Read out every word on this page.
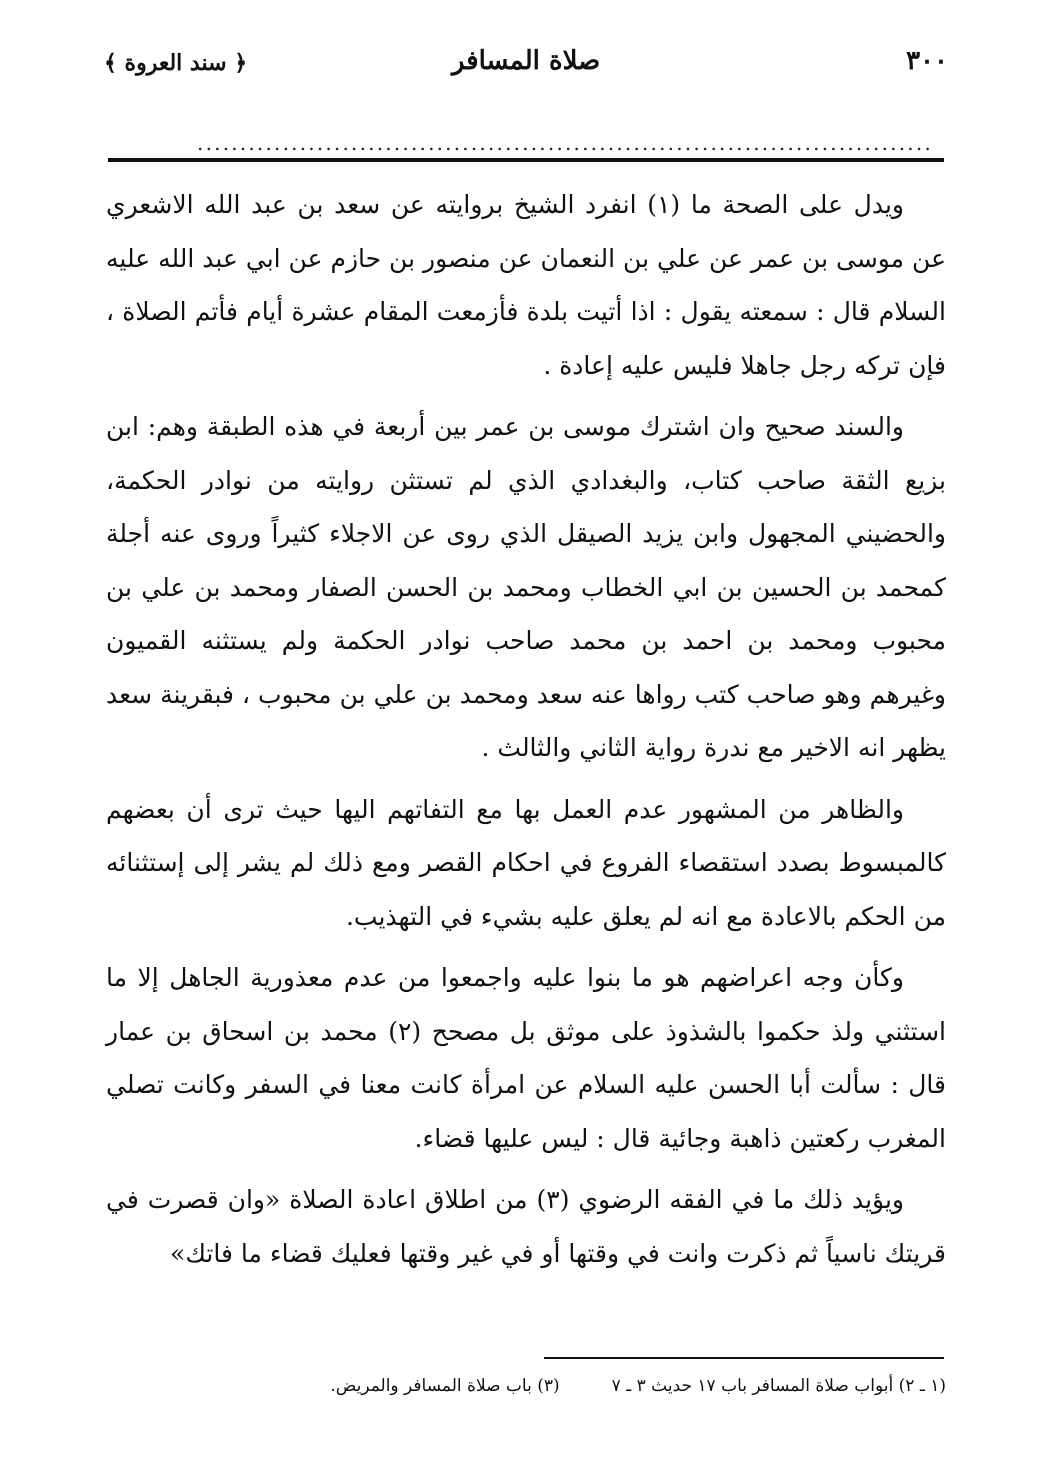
٣٠٠
صلاة المسافر
﴿ سند العروة ﴾
......................................................................................

ويدل على الصحة ما (١) انفرد الشيخ بروايته عن سعد بن عبد الله الاشعري عن موسى بن عمر عن علي بن النعمان عن منصور بن حازم عن ابي عبد الله عليه السلام قال : سمعته يقول : اذا أتيت بلدة فأزمعت المقام عشرة أيام فأتم الصلاة ، فإن تركه رجل جاهلا فليس عليه إعادة .

والسند صحيح وان اشترك موسى بن عمر بين أربعة في هذه الطبقة وهم: ابن بزيع الثقة صاحب كتاب، والبغدادي الذي لم تستثن روايته من نوادر الحكمة، والحضيني المجهول وابن يزيد الصيقل الذي روى عن الاجلاء كثيراً وروى عنه أجلة كمحمد بن الحسين بن ابي الخطاب ومحمد بن الحسن الصفار ومحمد بن علي بن محبوب ومحمد بن احمد بن محمد صاحب نوادر الحكمة ولم يستثنه القميون وغيرهم وهو صاحب كتب رواها عنه سعد ومحمد بن علي بن محبوب ، فبقرينة سعد يظهر انه الاخير مع ندرة رواية الثاني والثالث .

والظاهر من المشهور عدم العمل بها مع التفاتهم اليها حيث ترى أن بعضهم كالمبسوط بصدد استقصاء الفروع في احكام القصر ومع ذلك لم يشر إلى إستثنائه من الحكم بالاعادة مع انه لم يعلق عليه بشيء في التهذيب.

وكأن وجه اعراضهم هو ما بنوا عليه واجمعوا من عدم معذورية الجاهل إلا ما استثني ولذ حكموا بالشذوذ على موثق بل مصحح (٢) محمد بن اسحاق بن عمار قال : سألت أبا الحسن عليه السلام عن امرأة كانت معنا في السفر وكانت تصلي المغرب ركعتين ذاهبة وجائية قال : ليس عليها قضاء.

ويؤيد ذلك ما في الفقه الرضوي (٣) من اطلاق اعادة الصلاة «وان قصرت في قريتك ناسياً ثم ذكرت وانت في وقتها أو في غير وقتها فعليك قضاء ما فاتك»

(١ ـ ٢) أبواب صلاة المسافر باب ١٧ حديث ٣ ـ ٧(٣) باب صلاة المسافر والمريض.
